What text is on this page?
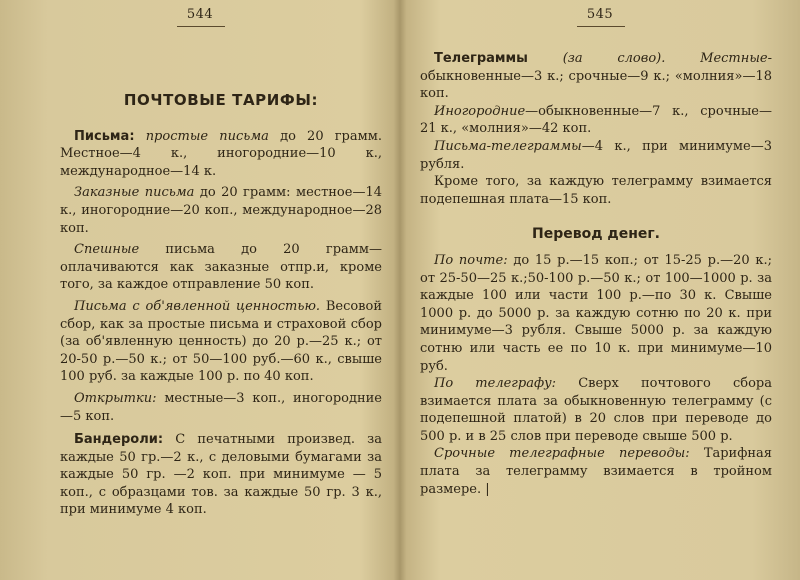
544

ПОЧТОВЫЕ ТАРИФЫ:

Письма: простые письма до 20 грамм. Местное—4 к., иногородние—10 к., международное—14 к.

Заказные письма до 20 грамм: местное—14 к., иногородние—20 коп., международное—28 коп.

Спешные письма до 20 грамм—оплачиваются как заказные отпр.и, кроме того, за каждое отправление 50 коп.

Письма с об'явленной ценностью. Весовой сбор, как за простые письма и страховой сбор (за об'явленную ценность) до 20 р.—25 к.; от 20-50 р.—50 к.; от 50—100 руб.—60 к., свыше 100 руб. за каждые 100 р. по 40 коп.

Открытки: местные—3 коп., иногородние—5 коп.

Бандероли: С печатными произвед. за каждые 50 гр.—2 к., с деловыми бумагами за каждые 50 гр. —2 коп. при минимуме — 5 коп., с образцами тов. за каждые 50 гр. 3 к., при минимуме 4 коп.

545

Телеграммы	(за слово).	Местные-обыкновенные—3 к.; срочные—9 к.; «молния»—18 коп.

Иногородние—обыкновенные—7 к., срочные—21 к., «молния»—42 коп.

Письма-телеграммы—4 к., при минимуме—3 рубля.

Кроме того, за каждую телеграмму взимается подепешная плата—15 коп.

Перевод денег.

По почте: до 15 р.—15 коп.; от 15-25 р.—20 к.; от 25-50—25 к.;50-100 р.—50 к.; от 100—1000 р. за каждые 100 или части 100 р.—по 30 к. Свыше 1000 р. до 5000 р. за каждую сотню по 20 к. при минимуме—3 рубля. Свыше 5000 р. за каждую сотню или часть ее по 10 к. при минимуме—10 руб.

По телеграфу: Сверх почтового сбора взимается плата за обыкновенную телеграмму (с подепешной платой) в 20 слов при переводе до 500 р. и в 25 слов при переводе свыше 500 р.

Срочные телеграфные переводы: Тарифная плата за телеграмму взимается в тройном размере. |
